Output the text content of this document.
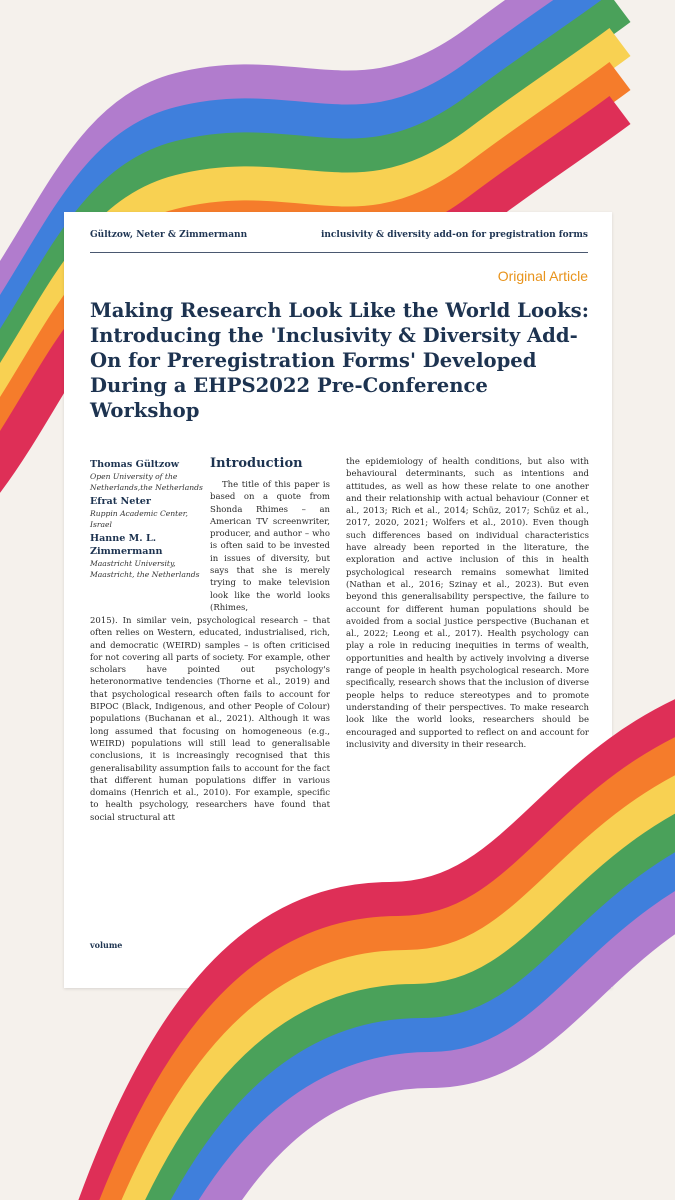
Gültzow, Neter & Zimmermann	inclusivity & diversity add-on for pregistration forms
Original Article
Making Research Look Like the World Looks: Introducing the 'Inclusivity & Diversity Add-On for Preregistration Forms' Developed During a EHPS2022 Pre-Conference Workshop
Thomas Gültzow
Open University of the Netherlands,the Netherlands
Efrat Neter
Ruppin Academic Center, Israel
Hanne M. L. Zimmermann
Maastricht University, Maastricht, the Netherlands
Introduction

The title of this paper is based on a quote from Shonda Rhimes – an American TV screenwriter, producer, and author – who is often said to be invested in issues of diversity, but says that she is merely trying to make television look like the world looks (Rhimes,

2015). In similar vein, psychological research – that often relies on Western, educated, industrialised, rich, and democratic (WEIRD) samples – is often criticised for not covering all parts of society. For example, other scholars have pointed out psychology's heteronormative tendencies (Thorne et al., 2019) and that psychological research often fails to account for BIPOC (Black, Indigenous, and other People of Colour) populations (Buchanan et al., 2021). Although it was long assumed that focusing on homogeneous (e.g., WEIRD) populations will still lead to generalisable conclusions, it is increasingly recognised that this generalisability assumption fails to account for the fact that different human populations differ in various domains (Henrich et al., 2010). For example, specific to health psychology, researchers have found that social structural att

the epidemiology of health conditions, but also with behavioural determinants, such as intentions and attitudes, as well as how these relate to one another and their relationship with actual behaviour (Conner et al., 2013; Rich et al., 2014; Schüz, 2017; Schüz et al., 2017, 2020, 2021; Wolfers et al., 2010). Even though such differences based on individual characteristics have already been reported in the literature, the exploration and active inclusion of this in health psychological research remains somewhat limited (Nathan et al., 2016; Szinay et al., 2023). But even beyond this generalisability perspective, the failure to account for different human populations should be avoided from a social justice perspective (Buchanan et al., 2022; Leong et al., 2017). Health psychology can play a role in reducing inequities in terms of wealth, opportunities and health by actively involving a diverse range of people in health psychological research. More specifically, research shows that the inclusion of diverse people helps to reduce stereotypes and to promote understanding of their perspectives. To make research look like the world looks, researchers should be encouraged and supported to reflect on and account for inclusivity and diversity in their research.

volume
